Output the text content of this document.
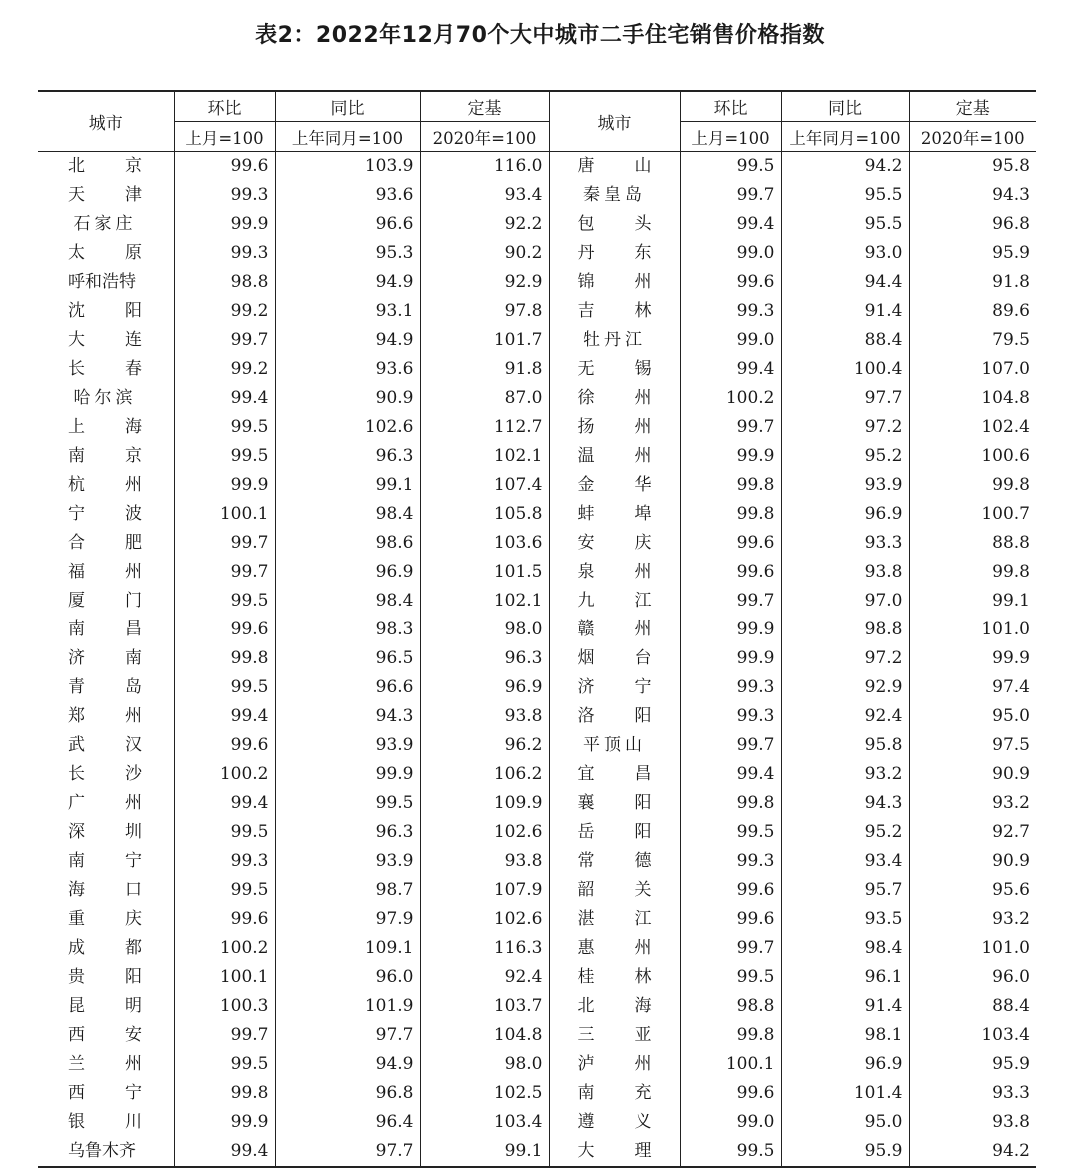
表2：2022年12月70个大中城市二手住宅销售价格指数
城市	环比	同比	定基	城市	环比	同比	定基
	上月=100	上年同月=100	2020年=100		上月=100	上年同月=100	2020年=100

北 京	99.6	103.9	116.0	唐 山	99.5	94.2	95.8

天 津	99.3	93.6	93.4	秦皇岛	99.7	95.5	94.3

石家庄	99.9	96.6	92.2	包 头	99.4	95.5	96.8

太 原	99.3	95.3	90.2	丹 东	99.0	93.0	95.9

呼和浩特	98.8	94.9	92.9	锦 州	99.6	94.4	91.8

沈 阳	99.2	93.1	97.8	吉 林	99.3	91.4	89.6

大 连	99.7	94.9	101.7	牡丹江	99.0	88.4	79.5

长 春	99.2	93.6	91.8	无 锡	99.4	100.4	107.0

哈尔滨	99.4	90.9	87.0	徐 州	100.2	97.7	104.8

上 海	99.5	102.6	112.7	扬 州	99.7	97.2	102.4

南 京	99.5	96.3	102.1	温 州	99.9	95.2	100.6

杭 州	99.9	99.1	107.4	金 华	99.8	93.9	99.8

宁 波	100.1	98.4	105.8	蚌 埠	99.8	96.9	100.7

合 肥	99.7	98.6	103.6	安 庆	99.6	93.3	88.8

福 州	99.7	96.9	101.5	泉 州	99.6	93.8	99.8

厦 门	99.5	98.4	102.1	九 江	99.7	97.0	99.1

南 昌	99.6	98.3	98.0	赣 州	99.9	98.8	101.0

济 南	99.8	96.5	96.3	烟 台	99.9	97.2	99.9

青 岛	99.5	96.6	96.9	济 宁	99.3	92.9	97.4

郑 州	99.4	94.3	93.8	洛 阳	99.3	92.4	95.0

武 汉	99.6	93.9	96.2	平顶山	99.7	95.8	97.5

长 沙	100.2	99.9	106.2	宜 昌	99.4	93.2	90.9

广 州	99.4	99.5	109.9	襄 阳	99.8	94.3	93.2

深 圳	99.5	96.3	102.6	岳 阳	99.5	95.2	92.7

南 宁	99.3	93.9	93.8	常 德	99.3	93.4	90.9

海 口	99.5	98.7	107.9	韶 关	99.6	95.7	95.6

重 庆	99.6	97.9	102.6	湛 江	99.6	93.5	93.2

成 都	100.2	109.1	116.3	惠 州	99.7	98.4	101.0

贵 阳	100.1	96.0	92.4	桂 林	99.5	96.1	96.0

昆 明	100.3	101.9	103.7	北 海	98.8	91.4	88.4

西 安	99.7	97.7	104.8	三 亚	99.8	98.1	103.4

兰 州	99.5	94.9	98.0	泸 州	100.1	96.9	95.9

西 宁	99.8	96.8	102.5	南 充	99.6	101.4	93.3

银 川	99.9	96.4	103.4	遵 义	99.0	95.0	93.8

乌鲁木齐	99.4	97.7	99.1	大 理	99.5	95.9	94.2
